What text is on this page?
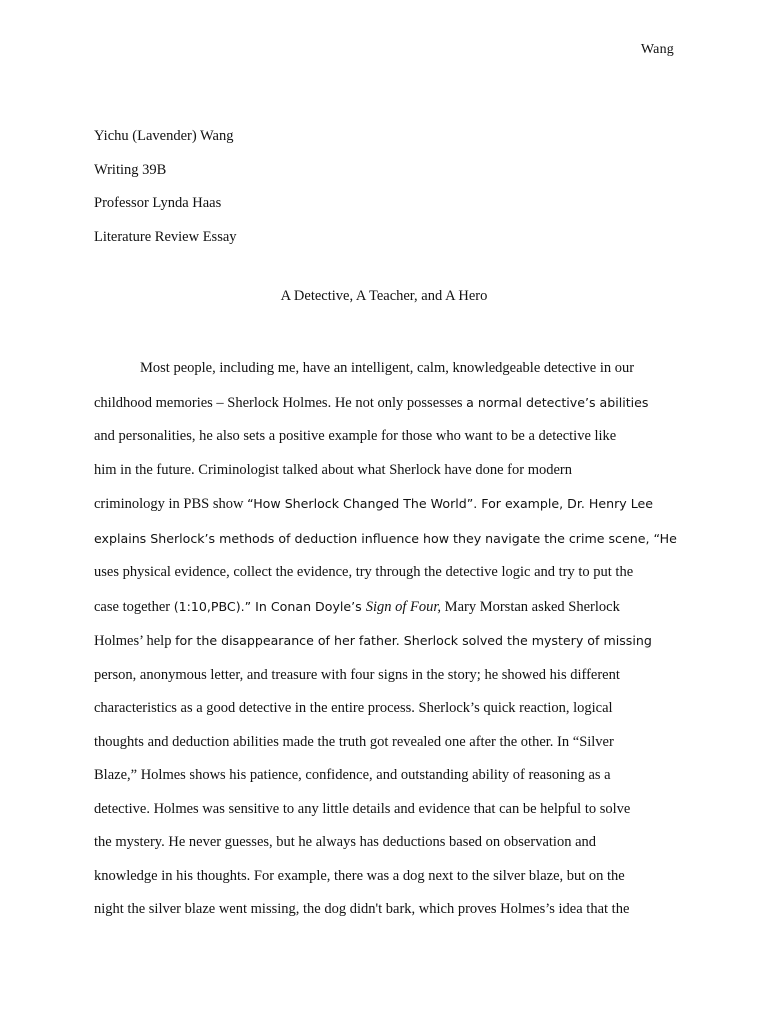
Wang
Yichu (Lavender) Wang
Writing 39B
Professor Lynda Haas
Literature Review Essay
A Detective, A Teacher, and A Hero
Most people, including me, have an intelligent, calm, knowledgeable detective in our
childhood memories – Sherlock Holmes. He not only possesses a normal detective’s abilities
and personalities, he also sets a positive example for those who want to be a detective like
him in the future. Criminologist talked about what Sherlock have done for modern
criminology in PBS show “How Sherlock Changed The World”. For example, Dr. Henry Lee
explains Sherlock’s methods of deduction influence how they navigate the crime scene, “He
uses physical evidence, collect the evidence, try through the detective logic and try to put the
case together (1:10,PBC).” In Conan Doyle’s Sign of Four, Mary Morstan asked Sherlock
Holmes’ help for the disappearance of her father. Sherlock solved the mystery of missing
person, anonymous letter, and treasure with four signs in the story; he showed his different
characteristics as a good detective in the entire process. Sherlock’s quick reaction, logical
thoughts and deduction abilities made the truth got revealed one after the other. In “Silver
Blaze,” Holmes shows his patience, confidence, and outstanding ability of reasoning as a
detective. Holmes was sensitive to any little details and evidence that can be helpful to solve
the mystery. He never guesses, but he always has deductions based on observation and
knowledge in his thoughts. For example, there was a dog next to the silver blaze, but on the
night the silver blaze went missing, the dog didn't bark, which proves Holmes’s idea that the
